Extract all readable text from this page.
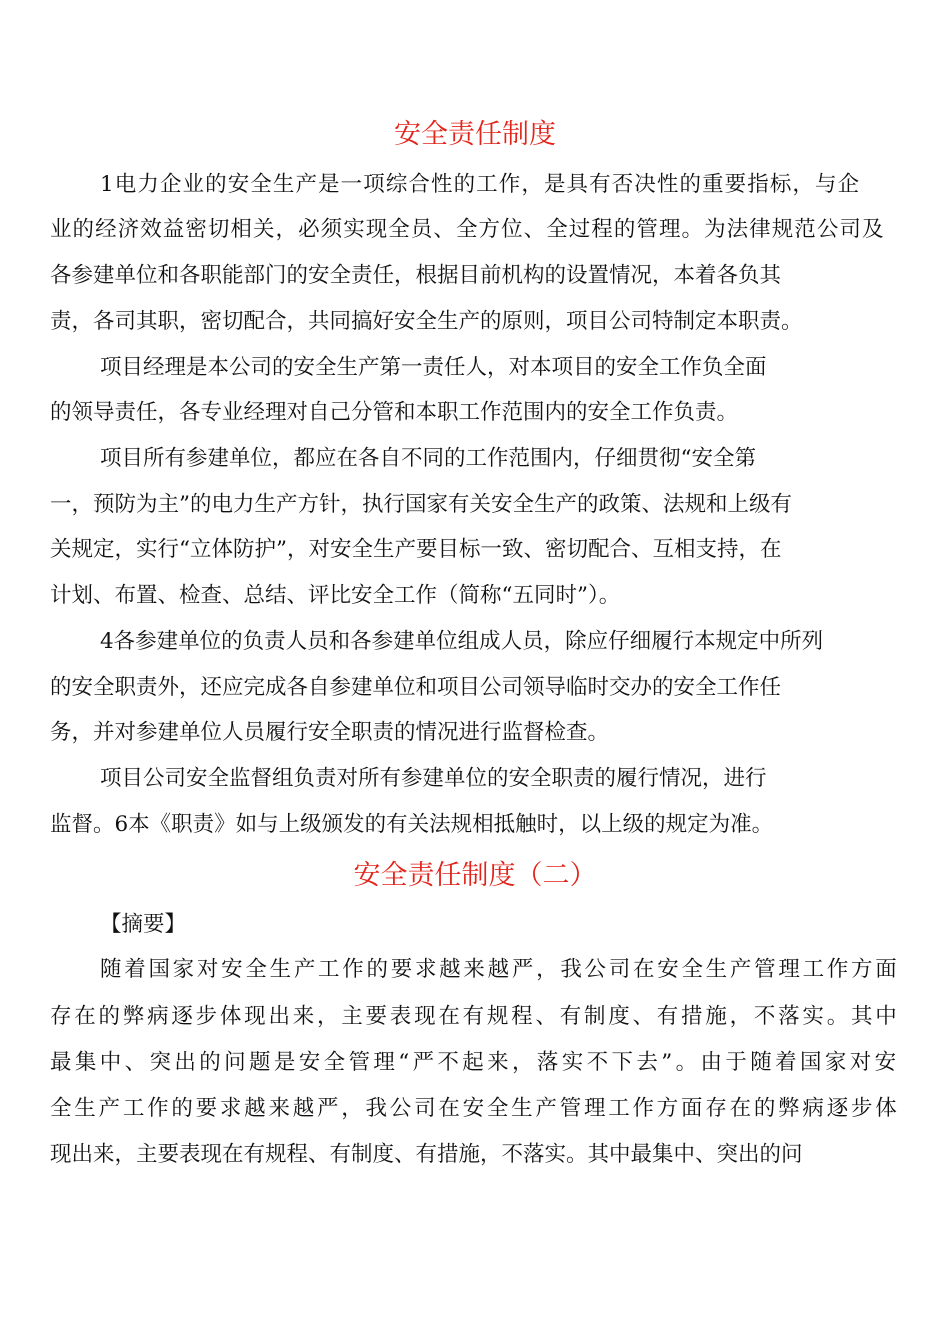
安全责任制度

1电力企业的安全生产是一项综合性的工作，是具有否决性的重要指标，与企

业的经济效益密切相关，必须实现全员、全方位、全过程的管理。为法律规范公司及

各参建单位和各职能部门的安全责任，根据目前机构的设置情况，本着各负其

责，各司其职，密切配合，共同搞好安全生产的原则，项目公司特制定本职责。

项目经理是本公司的安全生产第一责任人，对本项目的安全工作负全面

的领导责任，各专业经理对自己分管和本职工作范围内的安全工作负责。

项目所有参建单位，都应在各自不同的工作范围内，仔细贯彻“安全第

一，预防为主”的电力生产方针，执行国家有关安全生产的政策、法规和上级有

关规定，实行“立体防护”，对安全生产要目标一致、密切配合、互相支持，在

计划、布置、检查、总结、评比安全工作（简称“五同时”）。

4各参建单位的负责人员和各参建单位组成人员，除应仔细履行本规定中所列

的安全职责外，还应完成各自参建单位和项目公司领导临时交办的安全工作任

务，并对参建单位人员履行安全职责的情况进行监督检查。

项目公司安全监督组负责对所有参建单位的安全职责的履行情况，进行

监督。6本《职责》如与上级颁发的有关法规相抵触时，以上级的规定为准。

安全责任制度（二）

【摘要】

随着国家对安全生产工作的要求越来越严，我公司在安全生产管理工作方面

存在的弊病逐步体现出来，主要表现在有规程、有制度、有措施，不落实。其中

最集中、突出的问题是安全管理“严不起来，落实不下去”。由于随着国家对安

全生产工作的要求越来越严，我公司在安全生产管理工作方面存在的弊病逐步体

现出来，主要表现在有规程、有制度、有措施，不落实。其中最集中、突出的问
